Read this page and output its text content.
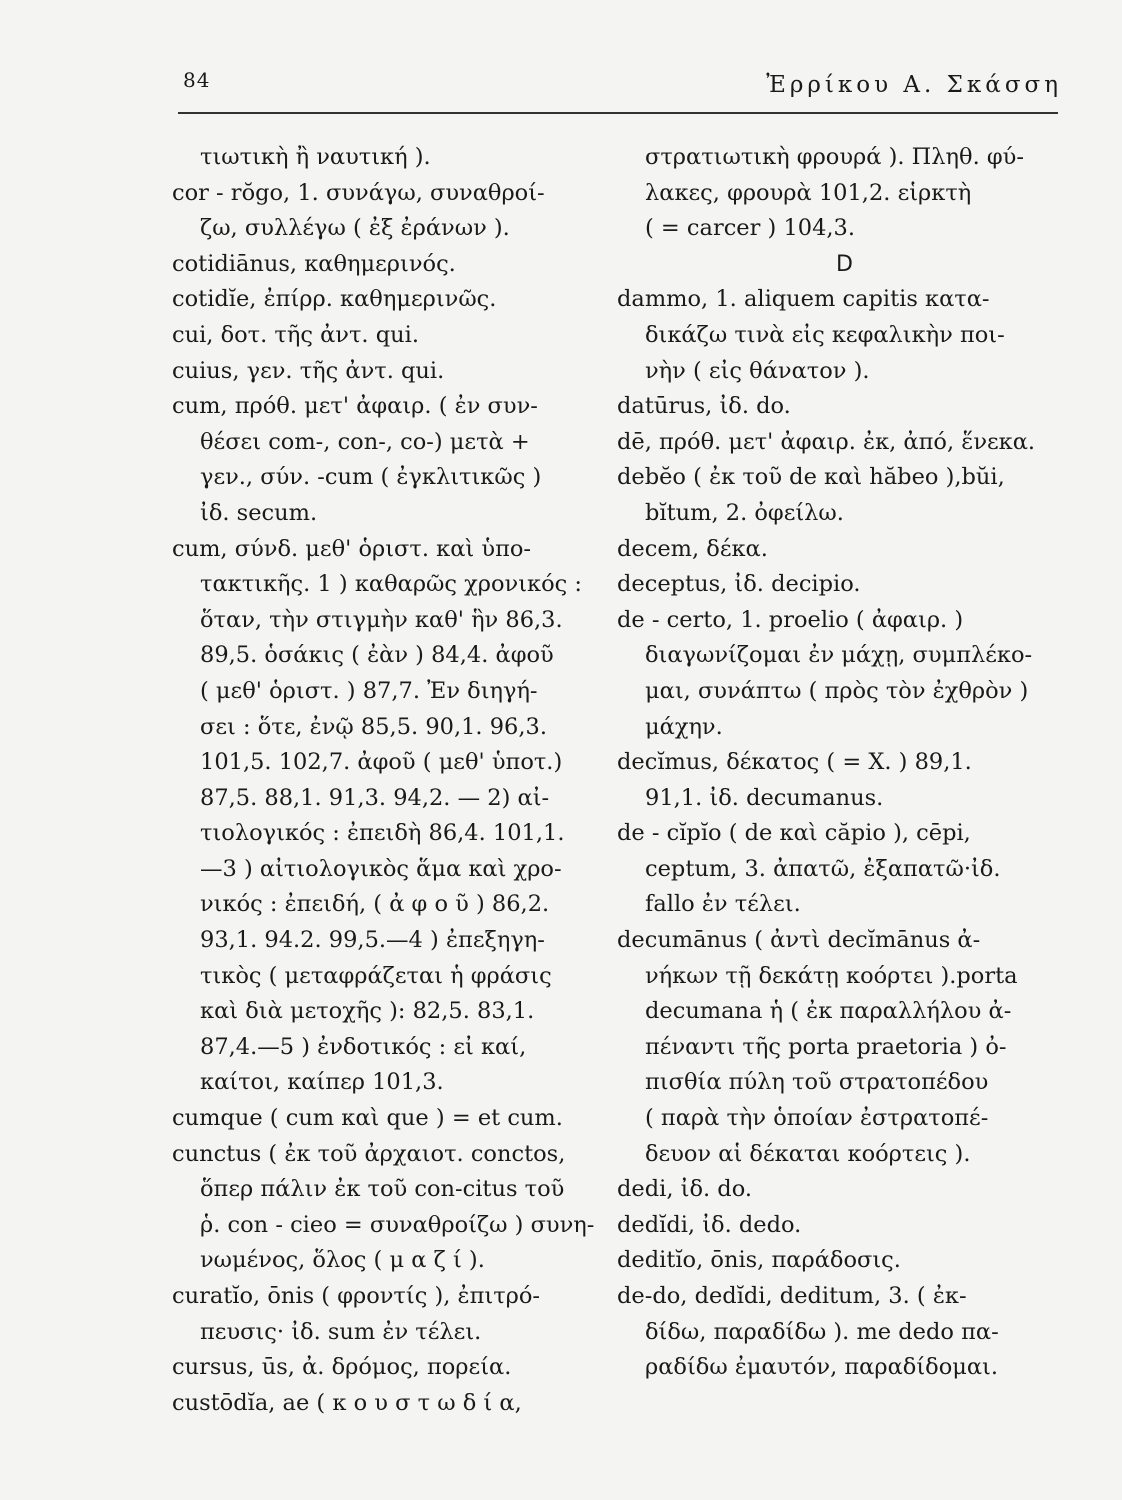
84	Ἐρρίκου Α. Σκάσση
τιωτικὴ ἢ ναυτική ).
cor - rŏgo, 1. συνάγω, συναθροί-
ζω, συλλέγω ( ἐξ ἐράνων ).
cotidiānus, καθημερινός.
cotidĭe, ἐπίρρ. καθημερινῶς.
cui, δοτ. τῆς ἀντ. qui.
cuius, γεν. τῆς ἀντ. qui.
cum, πρόθ. μετ' ἀφαιρ. ( ἐν συν-
θέσει com-, con-, co-) μετὰ +
γεν., σύν. -cum ( ἐγκλιτικῶς )
ἰδ. secum.
cum, σύνδ. μεθ' ὁριστ. καὶ ὑπο-
τακτικῆς. 1 ) καθαρῶς χρονικός :
ὅταν, τὴν στιγμὴν καθ' ἣν 86,3.
89,5. ὁσάκις ( ἐὰν ) 84,4. ἀφοῦ
( μεθ' ὁριστ. ) 87,7. Ἐν διηγή-
σει : ὅτε, ἐνῷ 85,5. 90,1. 96,3.
101,5. 102,7. ἀφοῦ ( μεθ' ὑποτ.)
87,5. 88,1. 91,3. 94,2. — 2) αἰ-
τιολογικός : ἐπειδὴ 86,4. 101,1.
—3 ) αἰτιολογικὸς ἅμα καὶ χρο-
νικός : ἐπειδή, ( ἀ φ ο ῦ ) 86,2.
93,1. 94.2. 99,5.—4 ) ἐπεξηγη-
τικὸς ( μεταφράζεται ἡ φράσις
καὶ διὰ μετοχῆς ): 82,5. 83,1.
87,4.—5 ) ἐνδοτικός : εἰ καί,
καίτοι, καίπερ 101,3.
cumque ( cum καὶ que ) = et cum.
cunctus ( ἐκ τοῦ ἀρχαιοτ. conctos,
ὅπερ πάλιν ἐκ τοῦ con-citus τοῦ
ῥ. con - cieo = συναθροίζω ) συνη-
νωμένος, ὅλος ( μ α ζ ί ).
curatĭo, ōnis ( φροντίς ), ἐπιτρό-
πευσις· ἰδ. sum ἐν τέλει.
cursus, ūs, ἀ. δρόμος, πορεία.
custōdĭa, ae ( κ ο υ σ τ ω δ ί α,
στρατιωτικὴ φρουρά ). Πληθ. φύ-
λακες, φρουρὰ 101,2. εἱρκτὴ
( = carcer ) 104,3.
D
dammo, 1. aliquem capitis κατα-
δικάζω τινὰ εἰς κεφαλικὴν ποι-
νὴν ( εἰς θάνατον ).
datūrus, ἰδ. do.
dē, πρόθ. μετ' ἀφαιρ. ἐκ, ἀπό, ἕνεκα.
debĕo ( ἐκ τοῦ de καὶ hăbeo ),bŭi,
bĭtum, 2. ὀφείλω.
decem, δέκα.
deceptus, ἰδ. decipio.
de - certo, 1. proelio ( ἀφαιρ. )
διαγωνίζομαι ἐν μάχῃ, συμπλέκο-
μαι, συνάπτω ( πρὸς τὸν ἐχθρὸν )
μάχην.
decĭmus, δέκατος ( = X. ) 89,1.
91,1. ἰδ. decumanus.
de - cĭpĭo ( de καὶ căpio ), cēpi,
ceptum, 3. ἀπατῶ, ἐξαπατῶ·ἰδ.
fallo ἐν τέλει.
decumānus ( ἀντὶ decĭmānus ἀ-
νήκων τῇ δεκάτῃ κοόρτει ).porta
decumana ἡ ( ἐκ παραλλήλου ἀ-
πέναντι τῆς porta praetoria ) ὀ-
πισθία πύλη τοῦ στρατοπέδου
( παρὰ τὴν ὁποίαν ἐστρατοπέ-
δευον αἱ δέκαται κοόρτεις ).
dedi, ἰδ. do.
dedĭdi, ἰδ. dedo.
deditĭo, ōnis, παράδοσις.
de-do, dedĭdi, deditum, 3. ( ἐκ-
δίδω, παραδίδω ). me dedo πα-
ραδίδω ἐμαυτόν, παραδίδομαι.
